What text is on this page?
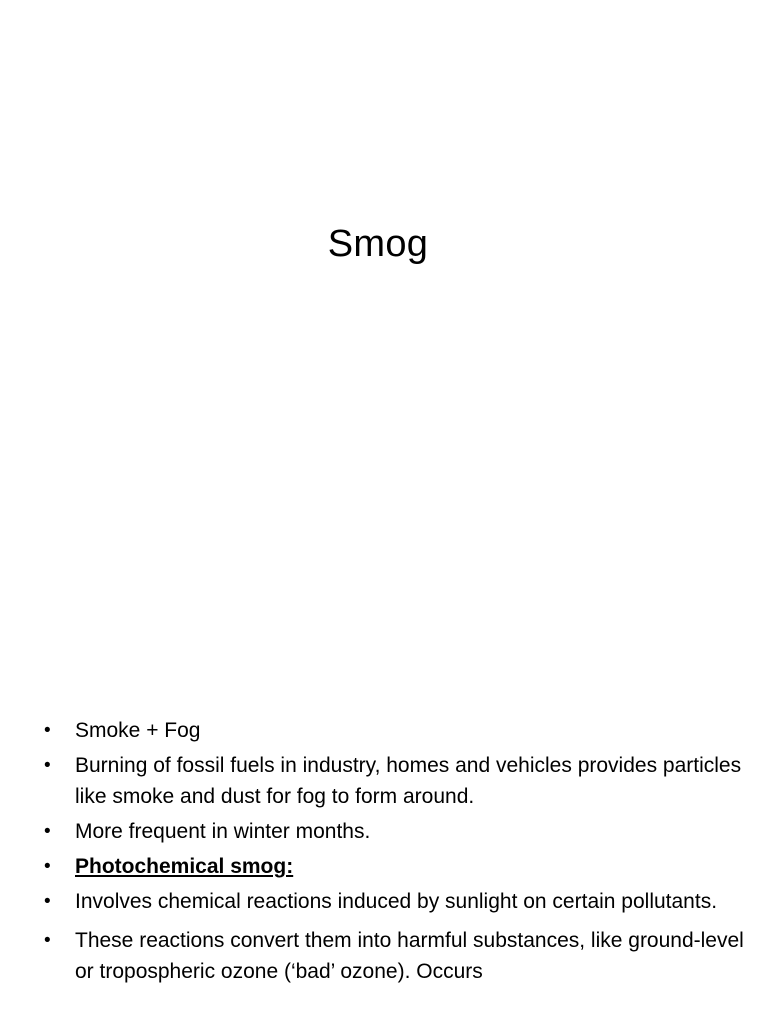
Smog
• Smoke + Fog
• Burning of fossil fuels in industry, homes and vehicles provides particles like smoke and dust for fog to form around.
• More frequent in winter months.
• Photochemical smog:
• Involves chemical reactions induced by sunlight on certain pollutants.
• These reactions convert them into harmful substances, like ground-level or tropospheric ozone (‘bad’ ozone). Occurs
